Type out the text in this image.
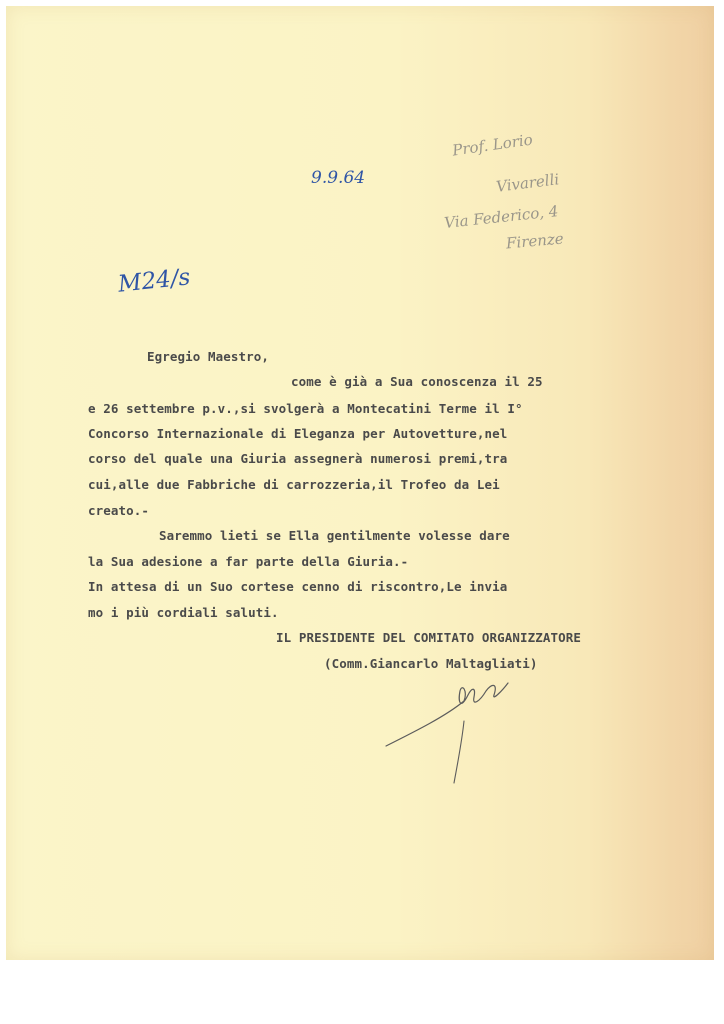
9.9.64
M24/s
Prof. Lorio
Vivarelli
Via Federico, 4
Firenze
Egregio Maestro,
come è già a Sua conoscenza il 25
e 26 settembre p.v.,si svolgerà a Montecatini Terme il I°
Concorso Internazionale di Eleganza per Autovetture,nel
corso del quale una Giuria assegnerà numerosi premi,tra
cui,alle due Fabbriche di carrozzeria,il Trofeo da Lei
creato.-
Saremmo lieti se Ella gentilmente volesse dare
la Sua adesione a far parte della Giuria.-
In attesa di un Suo cortese cenno di riscontro,Le invia
mo i più cordiali saluti.
IL PRESIDENTE DEL COMITATO ORGANIZZATORE
(Comm.Giancarlo Maltagliati)
